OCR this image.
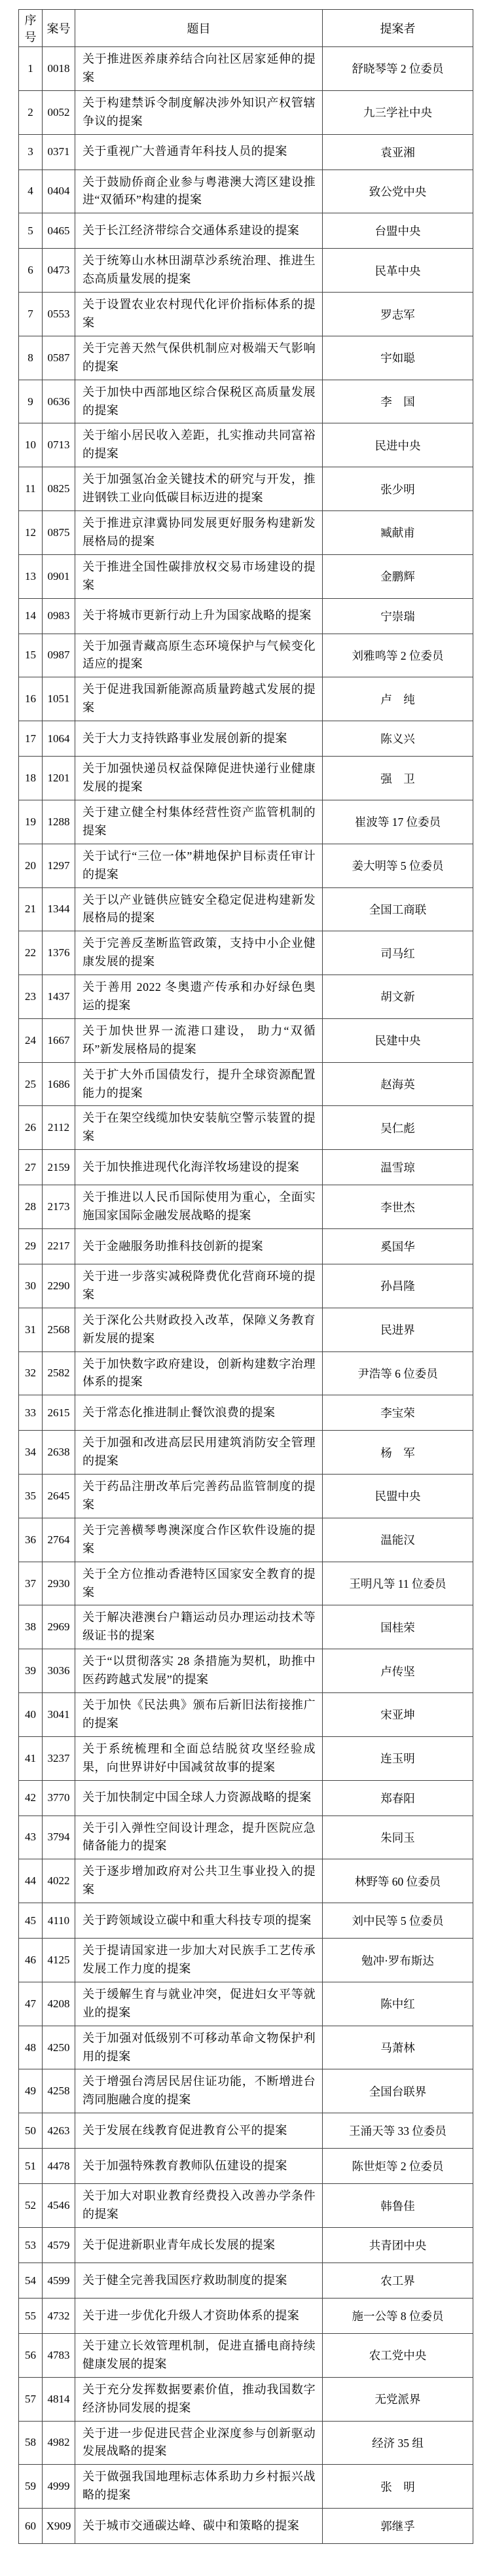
序号	案号	题目	提案者
1	0018	关于推进医养康养结合向社区居家延伸的提案	舒晓琴等 2 位委员
2	0052	关于构建禁诉令制度解决涉外知识产权管辖争议的提案	九三学社中央
3	0371	关于重视广大普通青年科技人员的提案	袁亚湘
4	0404	关于鼓励侨商企业参与粤港澳大湾区建设推进“双循环”构建的提案	致公党中央
5	0465	关于长江经济带综合交通体系建设的提案	台盟中央
6	0473	关于统筹山水林田湖草沙系统治理、推进生态高质量发展的提案	民革中央
7	0553	关于设置农业农村现代化评价指标体系的提案	罗志军
8	0587	关于完善天然气保供机制应对极端天气影响的提案	宇如聪
9	0636	关于加快中西部地区综合保税区高质量发展的提案	李　国
10	0713	关于缩小居民收入差距，扎实推动共同富裕的提案	民进中央
11	0825	关于加强氢冶金关键技术的研究与开发，推进钢铁工业向低碳目标迈进的提案	张少明
12	0875	关于推进京津冀协同发展更好服务构建新发展格局的提案	臧献甫
13	0901	关于推进全国性碳排放权交易市场建设的提案	金鹏辉
14	0983	关于将城市更新行动上升为国家战略的提案	宁崇瑞
15	0987	关于加强青藏高原生态环境保护与气候变化适应的提案	刘雅鸣等 2 位委员
16	1051	关于促进我国新能源高质量跨越式发展的提案	卢　纯
17	1064	关于大力支持铁路事业发展创新的提案	陈义兴
18	1201	关于加强快递员权益保障促进快递行业健康发展的提案	强　卫
19	1288	关于建立健全村集体经营性资产监管机制的提案	崔波等 17 位委员
20	1297	关于试行“三位一体”耕地保护目标责任审计的提案	姜大明等 5 位委员
21	1344	关于以产业链供应链安全稳定促进构建新发展格局的提案	全国工商联
22	1376	关于完善反垄断监管政策，支持中小企业健康发展的提案	司马红
23	1437	关于善用 2022 冬奥遗产传承和办好绿色奥运的提案	胡文新
24	1667	关于加快世界一流港口建设， 助力“双循环”新发展格局的提案	民建中央
25	1686	关于扩大外币国债发行，提升全球资源配置能力的提案	赵海英
26	2112	关于在架空线缆加快安装航空警示装置的提案	吴仁彪
27	2159	关于加快推进现代化海洋牧场建设的提案	温雪琼
28	2173	关于推进以人民币国际使用为重心，全面实施国家国际金融发展战略的提案	李世杰
29	2217	关于金融服务助推科技创新的提案	奚国华
30	2290	关于进一步落实减税降费优化营商环境的提案	孙昌隆
31	2568	关于深化公共财政投入改革，保障义务教育新发展的提案	民进界
32	2582	关于加快数字政府建设，创新构建数字治理体系的提案	尹浩等 6 位委员
33	2615	关于常态化推进制止餐饮浪费的提案	李宝荣
34	2638	关于加强和改进高层民用建筑消防安全管理的提案	杨　军
35	2645	关于药品注册改革后完善药品监管制度的提案	民盟中央
36	2764	关于完善横琴粤澳深度合作区软件设施的提案	温能汉
37	2930	关于全方位推动香港特区国家安全教育的提案	王明凡等 11 位委员
38	2969	关于解决港澳台户籍运动员办理运动技术等级证书的提案	国桂荣
39	3036	关于“以贯彻落实 28 条措施为契机，助推中医药跨越式发展”的提案	卢传坚
40	3041	关于加快《民法典》颁布后新旧法衔接推广的提案	宋亚坤
41	3237	关于系统梳理和全面总结脱贫攻坚经验成果，向世界讲好中国减贫故事的提案	连玉明
42	3770	关于加快制定中国全球人力资源战略的提案	郑春阳
43	3794	关于引入弹性空间设计理念，提升医院应急储备能力的提案	朱同玉
44	4022	关于逐步增加政府对公共卫生事业投入的提案	林野等 60 位委员
45	4110	关于跨领域设立碳中和重大科技专项的提案	刘中民等 5 位委员
46	4125	关于提请国家进一步加大对民族手工艺传承发展工作力度的提案	勉冲·罗布斯达
47	4208	关于缓解生育与就业冲突，促进妇女平等就业的提案	陈中红
48	4250	关于加强对低级别不可移动革命文物保护利用的提案	马萧林
49	4258	关于增强台湾居民居住证功能，不断增进台湾同胞融合度的提案	全国台联界
50	4263	关于发展在线教育促进教育公平的提案	王涌天等 33 位委员
51	4478	关于加强特殊教育教师队伍建设的提案	陈世炬等 2 位委员
52	4546	关于加大对职业教育经费投入改善办学条件的提案	韩鲁佳
53	4579	关于促进新职业青年成长发展的提案	共青团中央
54	4599	关于健全完善我国医疗救助制度的提案	农工界
55	4732	关于进一步优化升级人才资助体系的提案	施一公等 8 位委员
56	4783	关于建立长效管理机制，促进直播电商持续健康发展的提案	农工党中央
57	4814	关于充分发挥数据要素价值，推动我国数字经济协同发展的提案	无党派界
58	4982	关于进一步促进民营企业深度参与创新驱动发展战略的提案	经济 35 组
59	4999	关于做强我国地理标志体系助力乡村振兴战略的提案	张　明
60	X909	关于城市交通碳达峰、碳中和策略的提案	郭继孚
